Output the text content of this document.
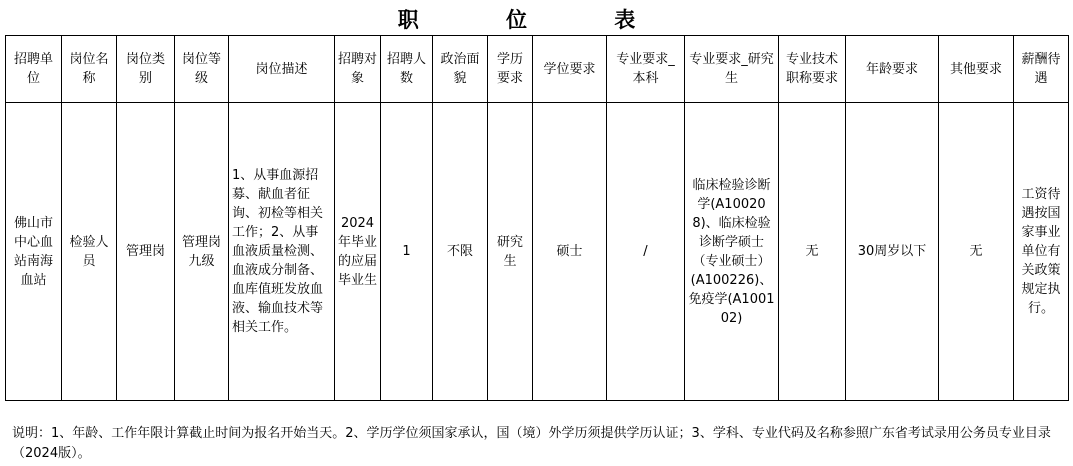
职 位 表
招聘单位	岗位名称	岗位类别	岗位等级	岗位描述	招聘对象	招聘人数	政治面貌	学历要求	学位要求	专业要求_本科	专业要求_研究生	专业技术职称要求	年龄要求	其他要求	薪酬待遇
佛山市中心血站南海血站	检验人员	管理岗	管理岗九级	1、从事血源招募、献血者征询、初检等相关工作；2、从事血液质量检测、血液成分制备、血库值班发放血液、输血技术等相关工作。	2024年毕业的应届毕业生	1	不限	研究生	硕士	/	临床检验诊断学(A100208)、临床检验诊断学硕士（专业硕士）(A100226)、免疫学(A100102)	无	30周岁以下	无	工资待遇按国家事业单位有关政策规定执行。
说明：1、年龄、工作年限计算截止时间为报名开始当天。2、学历学位须国家承认，国（境）外学历须提供学历认证；3、学科、专业代码及名称参照广东省考试录用公务员专业目录（2024版）。
